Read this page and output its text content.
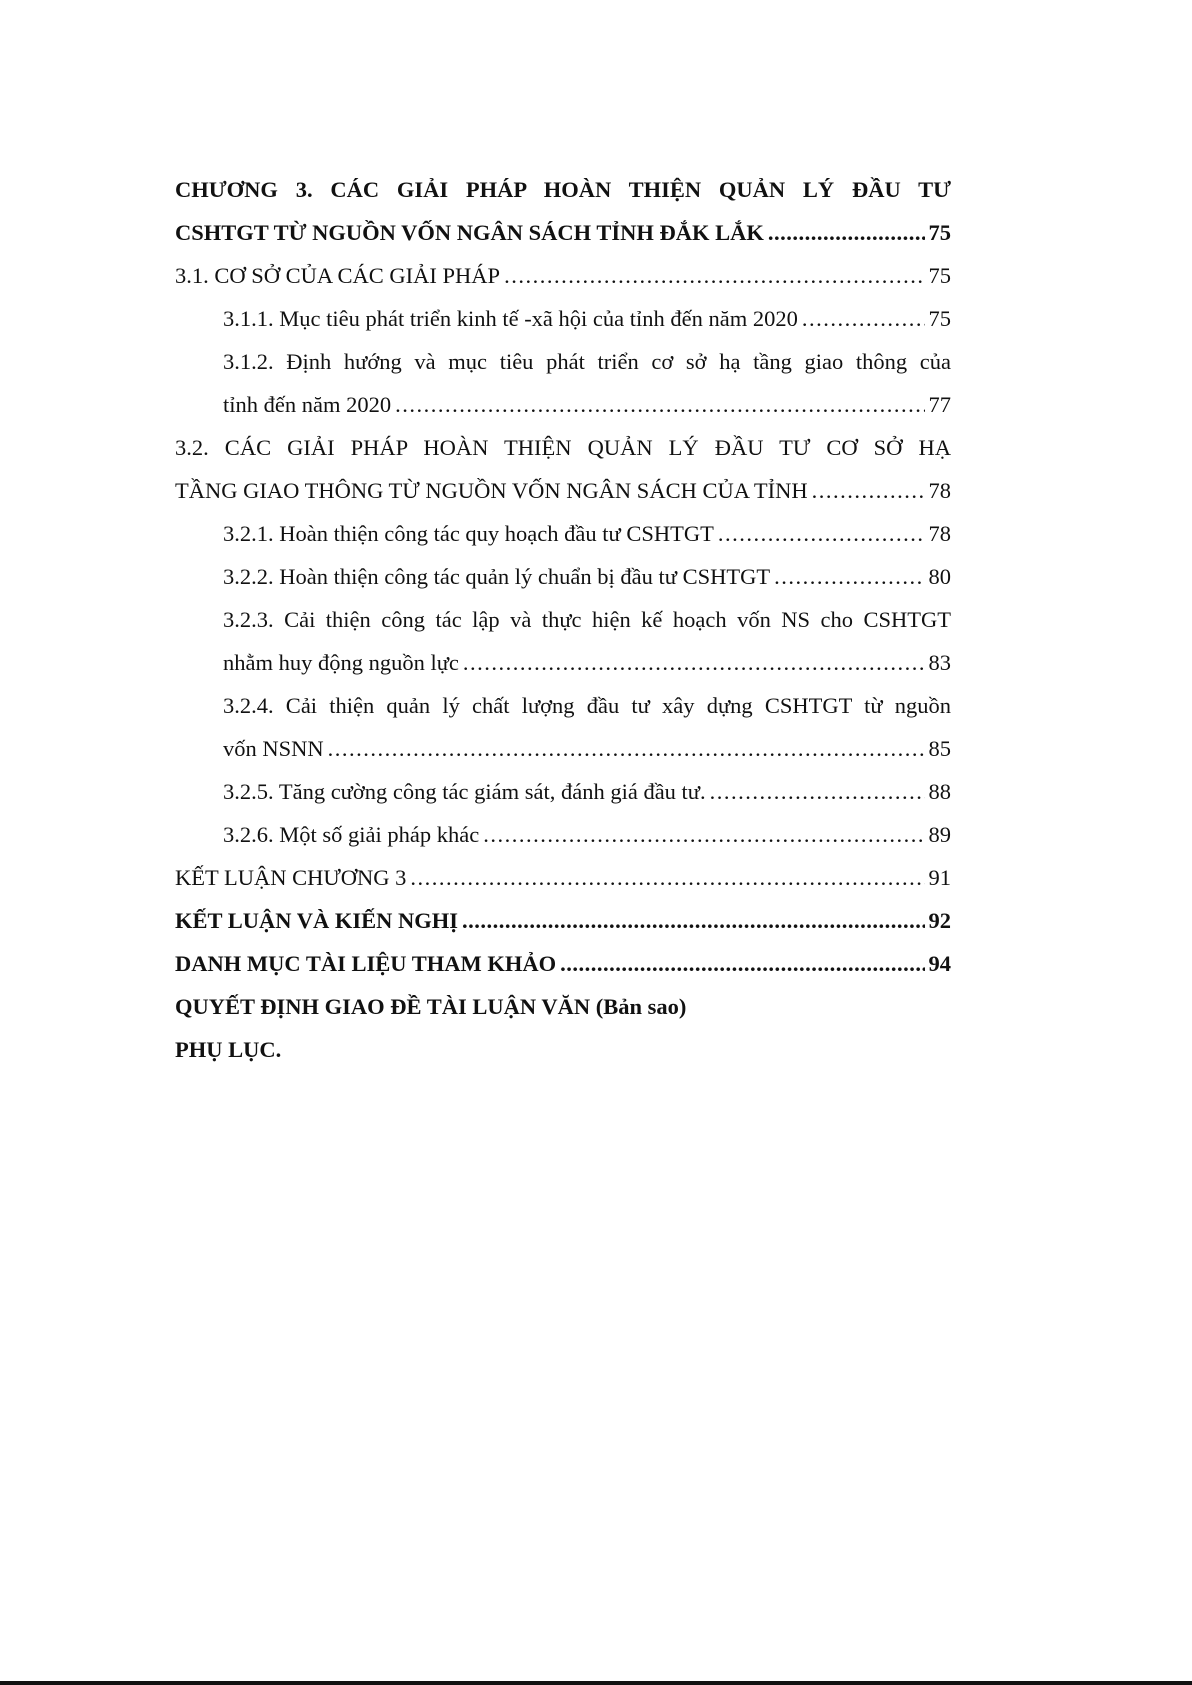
CHƯƠNG 3. CÁC GIẢI PHÁP HOÀN THIỆN QUẢN LÝ ĐẦU TƯ
CSHTGT TỪ NGUỒN VỐN NGÂN SÁCH TỈNH ĐẮK LẮK .....	75
3.1. CƠ SỞ CỦA CÁC GIẢI PHÁP .....	75
3.1.1. Mục tiêu phát triển kinh tế -xã hội của tỉnh đến năm 2020 .....	75
3.1.2. Định hướng và mục tiêu phát triển cơ sở hạ tầng giao thông của
tỉnh đến năm 2020 .....	77
3.2. CÁC GIẢI PHÁP HOÀN THIỆN QUẢN LÝ ĐẦU TƯ CƠ SỞ HẠ
TẦNG GIAO THÔNG TỪ NGUỒN VỐN NGÂN SÁCH CỦA TỈNH .....	78
3.2.1. Hoàn thiện công tác quy hoạch đầu tư CSHTGT .....	78
3.2.2. Hoàn thiện công tác quản lý chuẩn bị đầu tư CSHTGT .....	80
3.2.3. Cải thiện công tác lập và thực hiện kế hoạch vốn NS cho CSHTGT
nhằm huy động nguồn lực .....	83
3.2.4. Cải thiện quản lý chất lượng đầu tư xây dựng CSHTGT từ nguồn
vốn NSNN .....	85
3.2.5. Tăng cường công tác giám sát, đánh giá đầu tư. .....	88
3.2.6. Một số giải pháp khác .....	89
KẾT LUẬN CHƯƠNG 3 .....	91
KẾT LUẬN VÀ KIẾN NGHỊ .....	92
DANH MỤC TÀI LIỆU THAM KHẢO .....	94
QUYẾT ĐỊNH GIAO ĐỀ TÀI LUẬN VĂN (Bản sao)
PHỤ LỤC.
